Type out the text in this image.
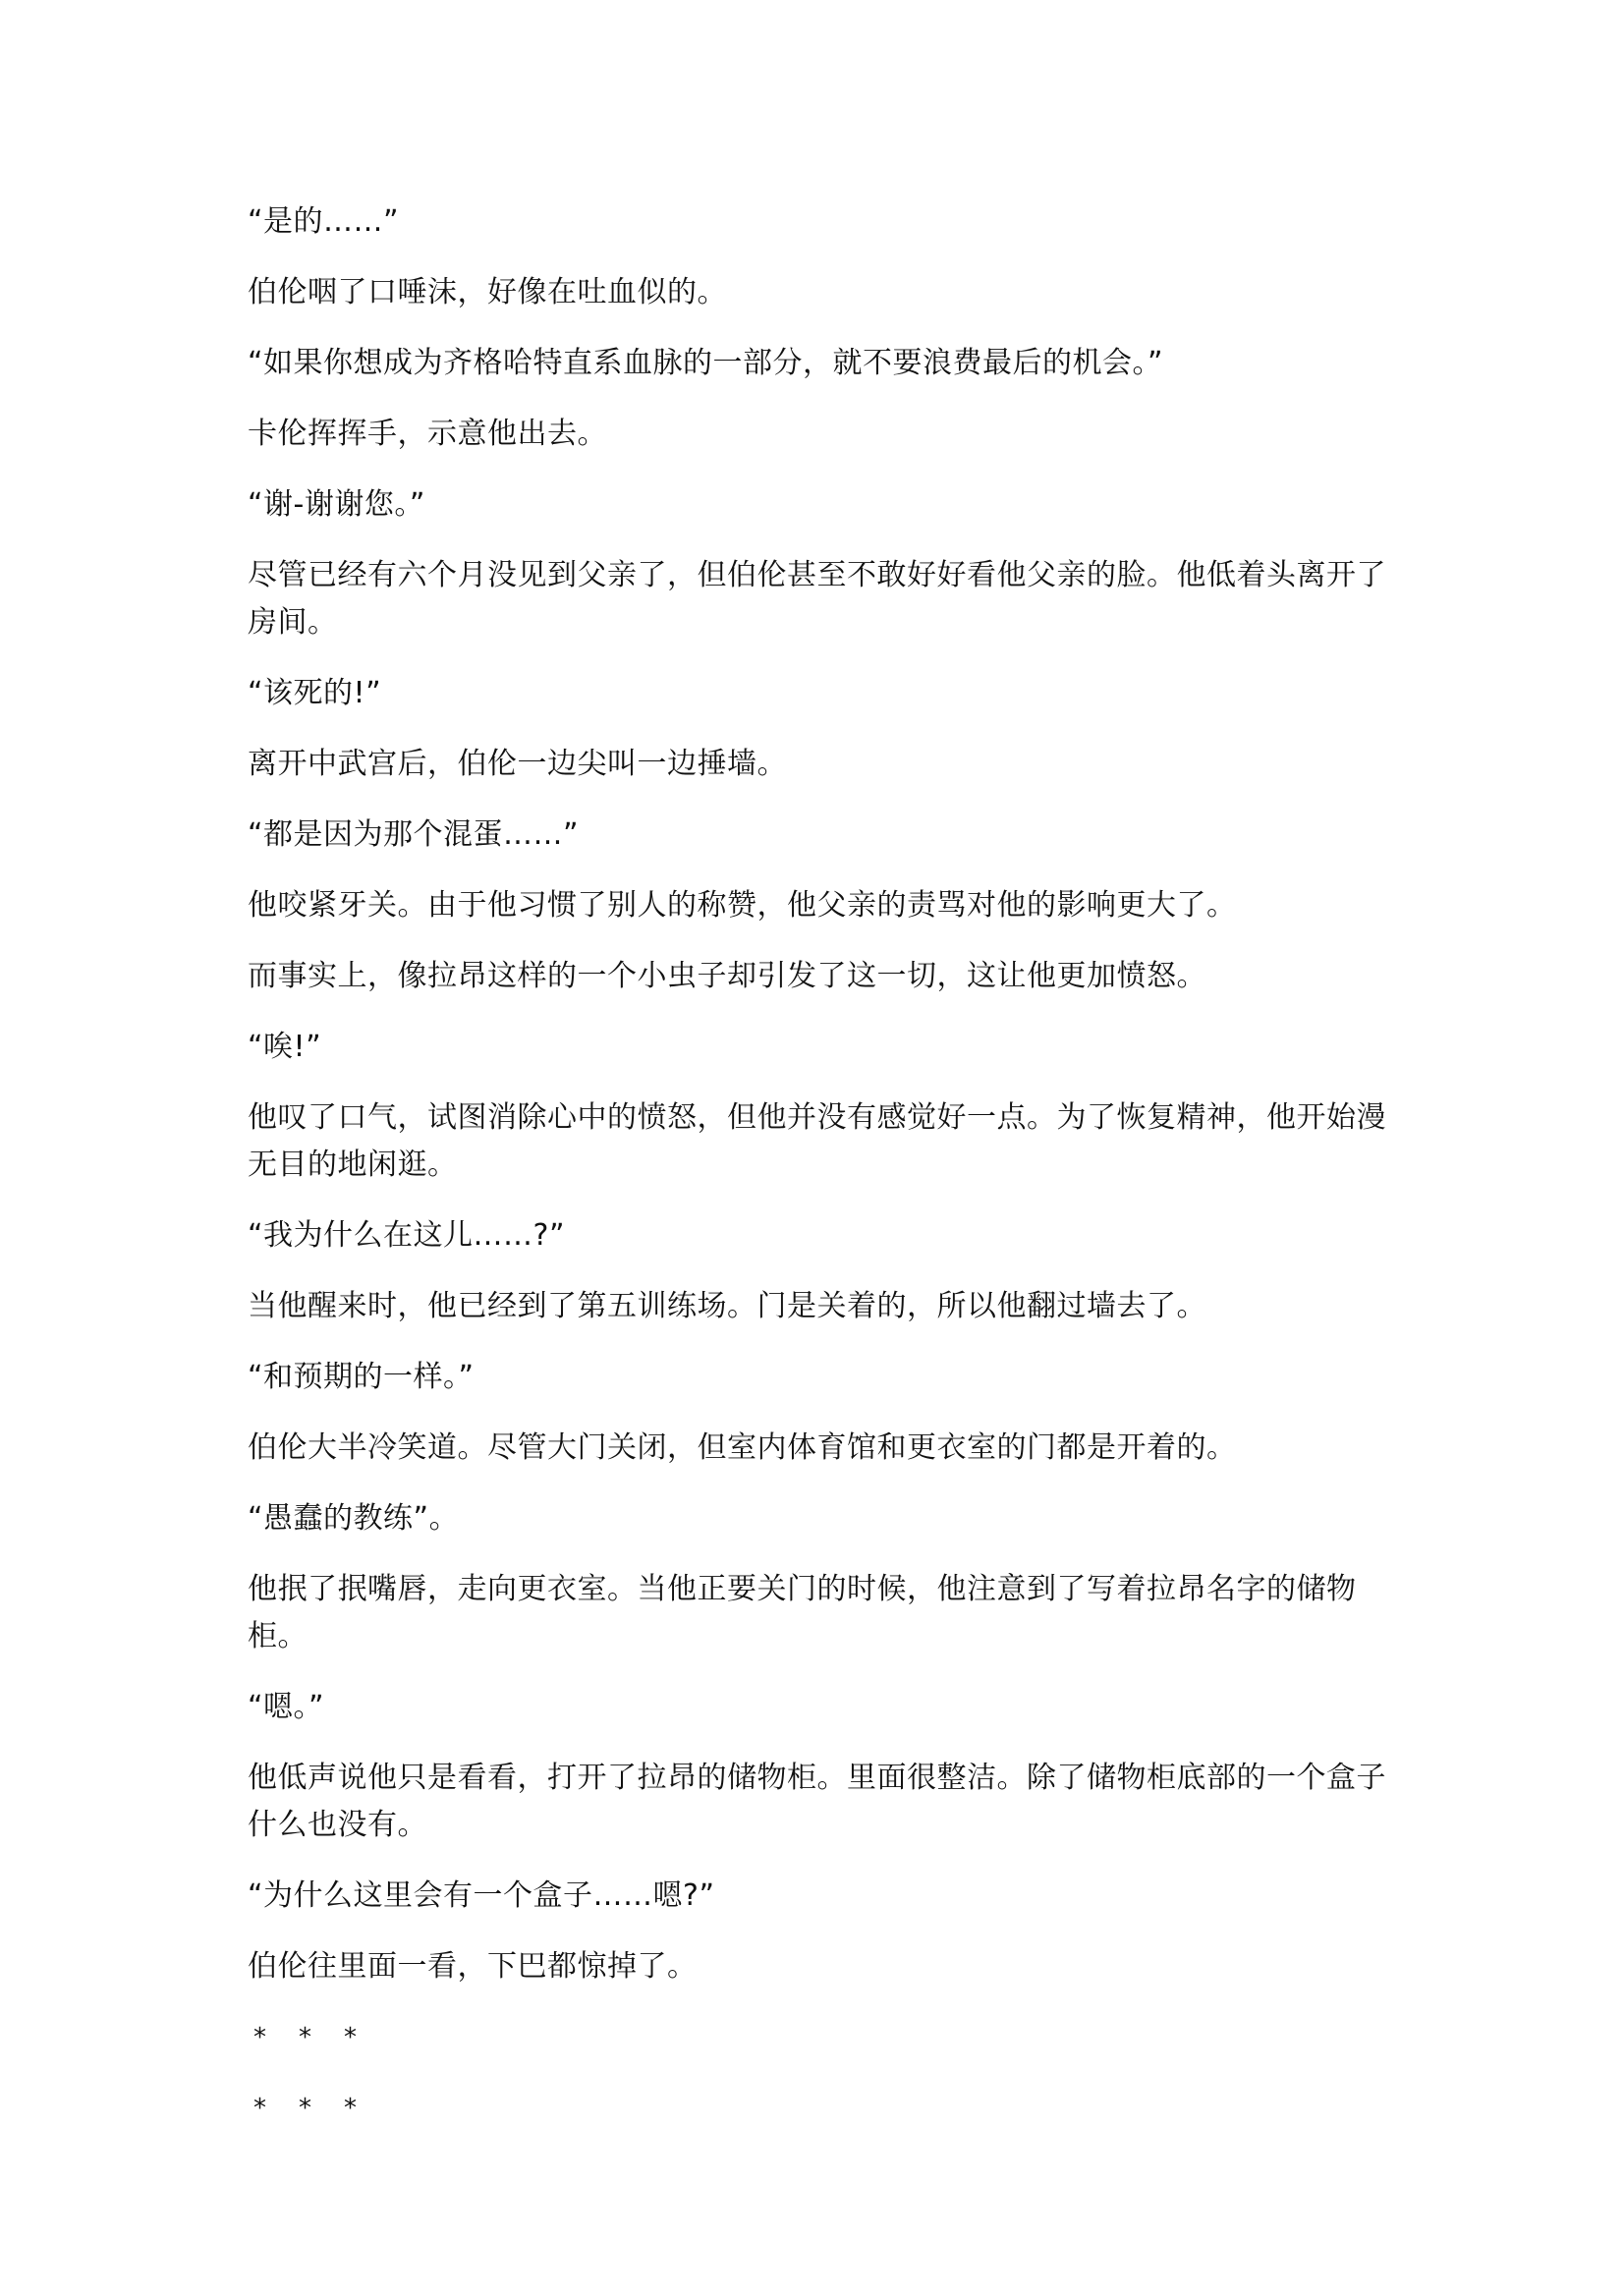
“是的……”

伯伦咽了口唾沫，好像在吐血似的。

“如果你想成为齐格哈特直系血脉的一部分，就不要浪费最后的机会。”

卡伦挥挥手，示意他出去。

“谢-谢谢您。”

尽管已经有六个月没见到父亲了，但伯伦甚至不敢好好看他父亲的脸。他低着头离开了房间。

“该死的!”

离开中武宫后，伯伦一边尖叫一边捶墙。

“都是因为那个混蛋……”

他咬紧牙关。由于他习惯了别人的称赞，他父亲的责骂对他的影响更大了。

而事实上，像拉昂这样的一个小虫子却引发了这一切，这让他更加愤怒。

“唉!”

他叹了口气，试图消除心中的愤怒，但他并没有感觉好一点。为了恢复精神，他开始漫无目的地闲逛。

“我为什么在这儿……?”

当他醒来时，他已经到了第五训练场。门是关着的，所以他翻过墙去了。

“和预期的一样。”

伯伦大半冷笑道。尽管大门关闭，但室内体育馆和更衣室的门都是开着的。

“愚蠢的教练”。

他抿了抿嘴唇，走向更衣室。当他正要关门的时候，他注意到了写着拉昂名字的储物柜。

“嗯。”

他低声说他只是看看，打开了拉昂的储物柜。里面很整洁。除了储物柜底部的一个盒子什么也没有。

“为什么这里会有一个盒子……嗯?”

伯伦往里面一看，下巴都惊掉了。

* * *
* * *
